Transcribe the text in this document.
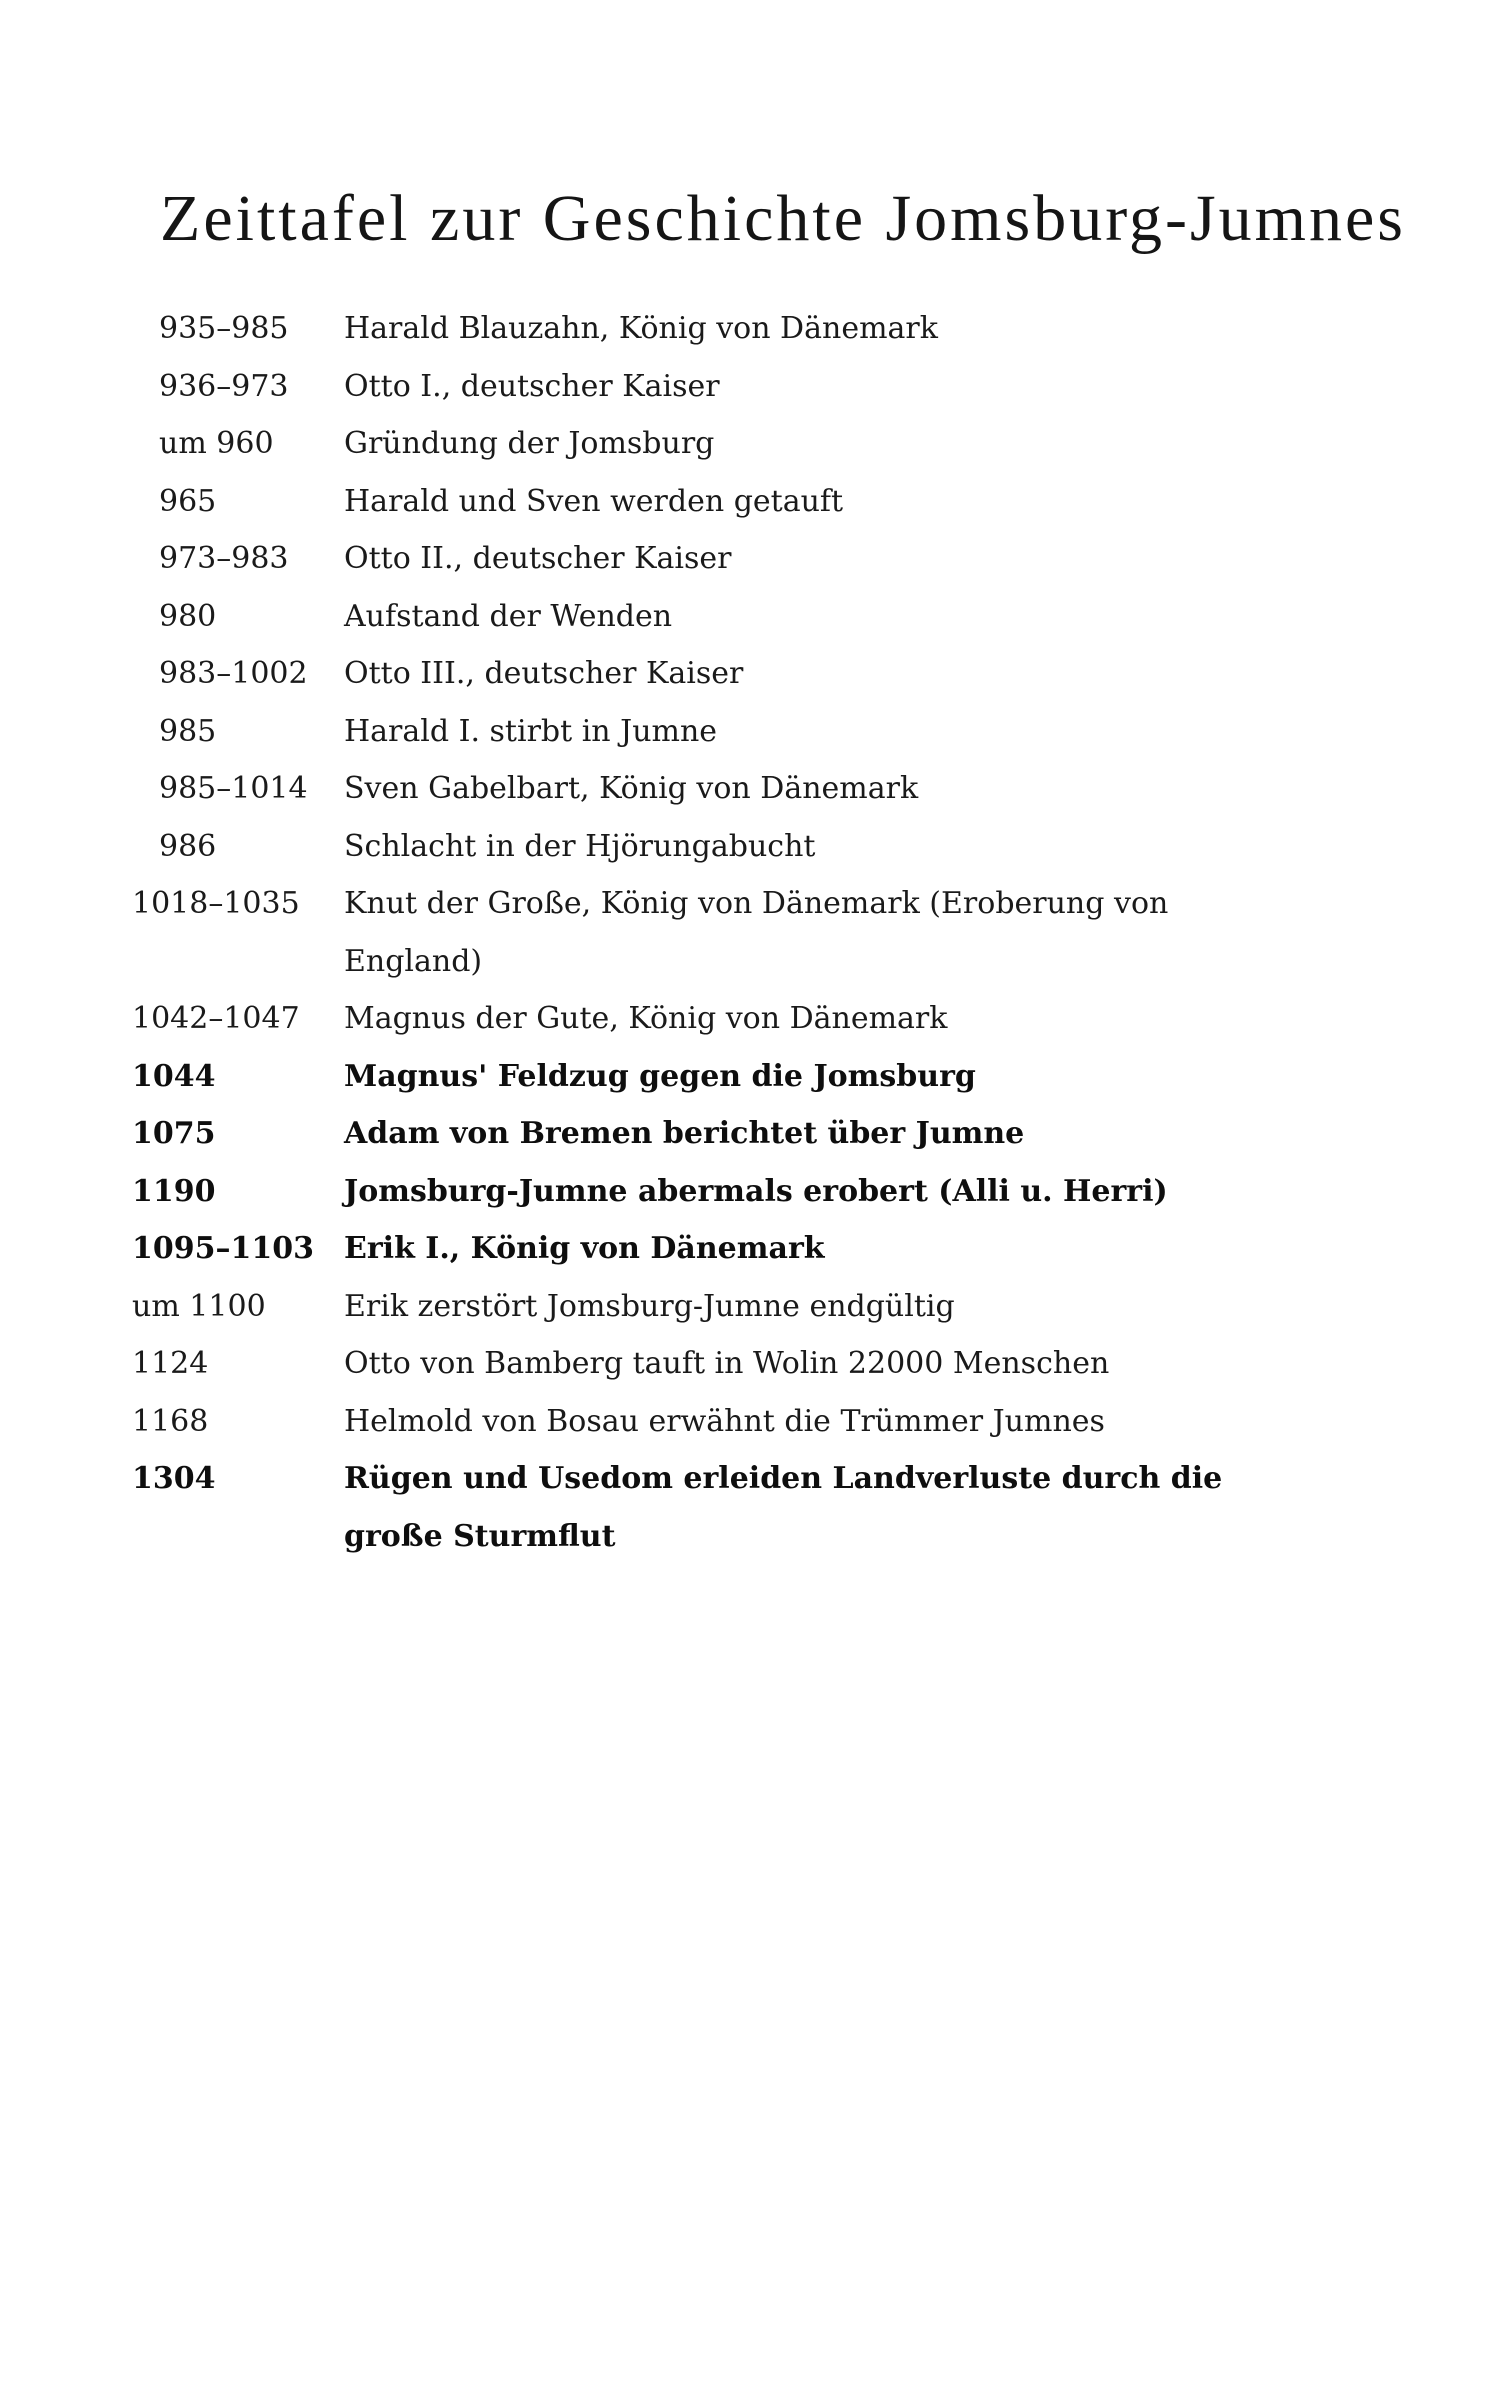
Zeittafel zur Geschichte Jomsburg-Jumnes
935–985 Harald Blauzahn, König von Dänemark
936–973 Otto I., deutscher Kaiser
um 960 Gründung der Jomsburg
965	Harald und Sven werden getauft
973–983 Otto II., deutscher Kaiser
980	Aufstand der Wenden
983–1002 Otto III., deutscher Kaiser
985	Harald I. stirbt in Jumne
985–1014 Sven Gabelbart, König von Dänemark
986	Schlacht in der Hjörungabucht
1018–1035 Knut der Große, König von Dänemark (Eroberung von England)
1042–1047 Magnus der Gute, König von Dänemark
1044	Magnus' Feldzug gegen die Jomsburg
1075	Adam von Bremen berichtet über Jumne
1190	Jomsburg-Jumne abermals erobert (Alli u. Herri)
1095–1103 Erik I., König von Dänemark
um 1100	Erik zerstört Jomsburg-Jumne endgültig
1124	Otto von Bamberg tauft in Wolin 22000 Menschen
1168	Helmold von Bosau erwähnt die Trümmer Jumnes
1304	Rügen und Usedom erleiden Landverluste durch die große Sturmflut
